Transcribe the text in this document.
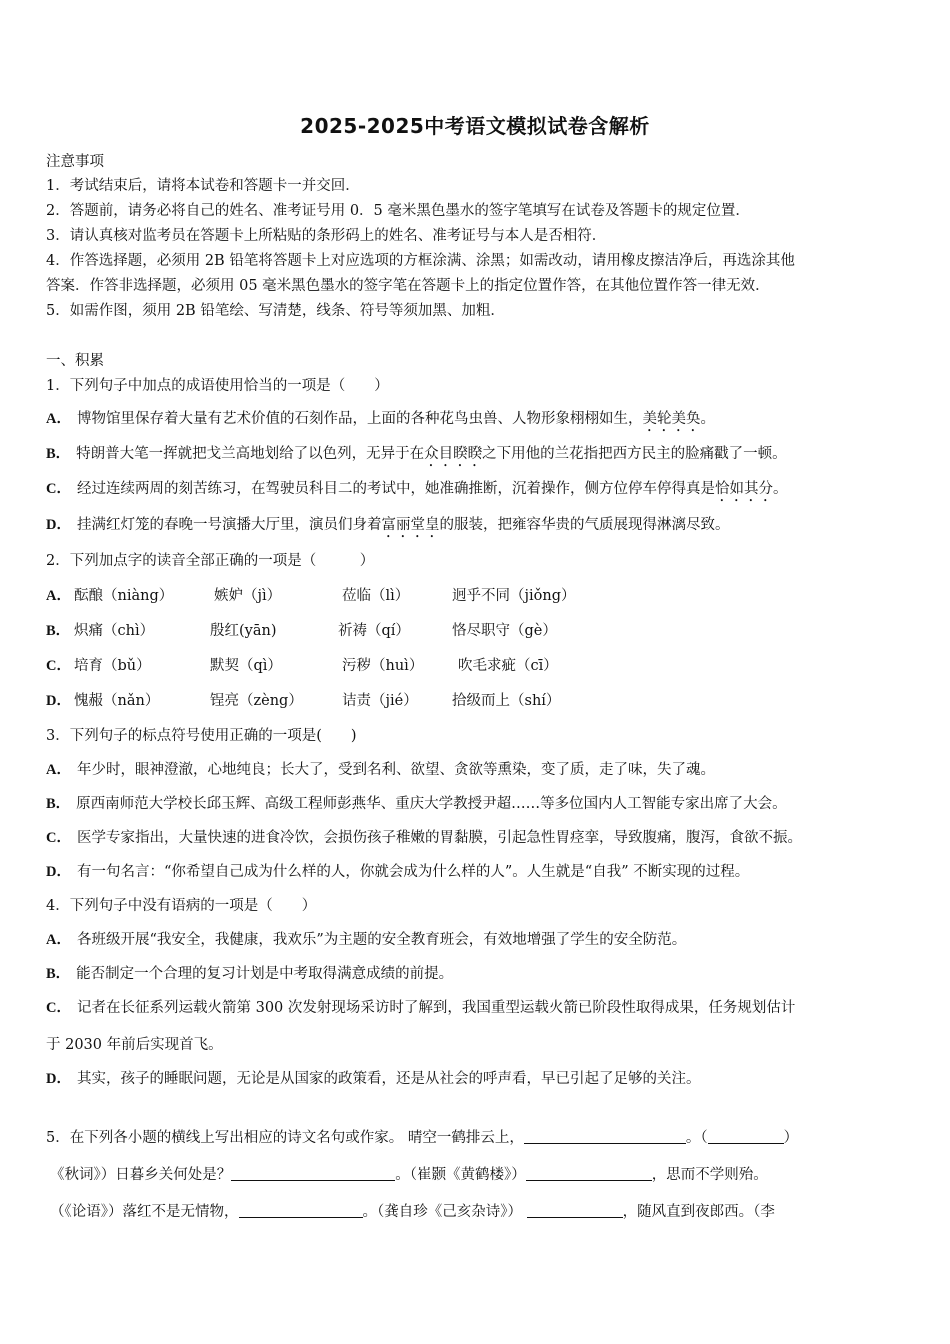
2025-2025中考语文模拟试卷含解析
注意事项
1．考试结束后，请将本试卷和答题卡一并交回．
2．答题前，请务必将自己的姓名、准考证号用 0．5 毫米黑色墨水的签字笔填写在试卷及答题卡的规定位置．
3．请认真核对监考员在答题卡上所粘贴的条形码上的姓名、准考证号与本人是否相符．
4．作答选择题，必须用 2B 铅笔将答题卡上对应选项的方框涂满、涂黑；如需改动，请用橡皮擦洁净后，再选涂其他
答案．作答非选择题，必须用 05 毫米黑色墨水的签字笔在答题卡上的指定位置作答，在其他位置作答一律无效．
5．如需作图，须用 2B 铅笔绘、写清楚，线条、符号等须加黑、加粗．
一、积累
1．下列句子中加点的成语使用恰当的一项是（　　）
A． 博物馆里保存着大量有艺术价值的石刻作品，上面的各种花鸟虫兽、人物形象栩栩如生，美轮美奂。
B． 特朗普大笔一挥就把戈兰高地划给了以色列，无异于在众目睽睽之下用他的兰花指把西方民主的脸痛戳了一顿。
C． 经过连续两周的刻苦练习，在驾驶员科目二的考试中，她准确推断，沉着操作，侧方位停车停得真是恰如其分。
D． 挂满红灯笼的春晚一号演播大厅里，演员们身着富丽堂皇的服装，把雍容华贵的气质展现得淋漓尽致。
2．下列加点字的读音全部正确的一项是（　　　）
A． 酝酿（niàng）	嫉妒（jì）	莅临（lì）	迥乎不同（jiǒng）
B． 炽痛（chì）	殷红(yān)	祈祷（qí）	恪尽职守（gè）
C． 培育（bǔ）	默契（qì）	污秽（huì） 吹毛求疵（cī）
D． 愧赧（nǎn）	锃亮（zèng）	诘责（jié） 拾级而上（shí）
3．下列句子的标点符号使用正确的一项是(　　)
A． 年少时，眼神澄澈，心地纯良；长大了，受到名利、欲望、贪欲等熏染，变了质，走了味，失了魂。
B． 原西南师范大学校长邱玉辉、高级工程师彭燕华、重庆大学教授尹超……等多位国内人工智能专家出席了大会。
C． 医学专家指出，大量快速的进食冷饮，会损伤孩子稚嫩的胃黏膜，引起急性胃痉挛，导致腹痛，腹泻，食欲不振。
D． 有一句名言：“你希望自己成为什么样的人，你就会成为什么样的人”。人生就是“自我” 不断实现的过程。
4．下列句子中没有语病的一项是（　　）
A． 各班级开展“我安全，我健康，我欢乐”为主题的安全教育班会，有效地增强了学生的安全防范。
B． 能否制定一个合理的复习计划是中考取得满意成绩的前提。
C． 记者在长征系列运载火箭第 300 次发射现场采访时了解到，我国重型运载火箭已阶段性取得成果，任务规划估计
于 2030 年前后实现首飞。
D． 其实，孩子的睡眠问题，无论是从国家的政策看，还是从社会的呼声看，早已引起了足够的关注。
5．在下列各小题的横线上写出相应的诗文名句或作家。 晴空一鹤排云上，	。（	）
《秋词》）日暮乡关何处是？	。（崔颢《黄鹤楼》）	，思而不学则殆。
（《论语》）落红不是无情物，	。（龚自珍《己亥杂诗》）	，随风直到夜郎西。（李
